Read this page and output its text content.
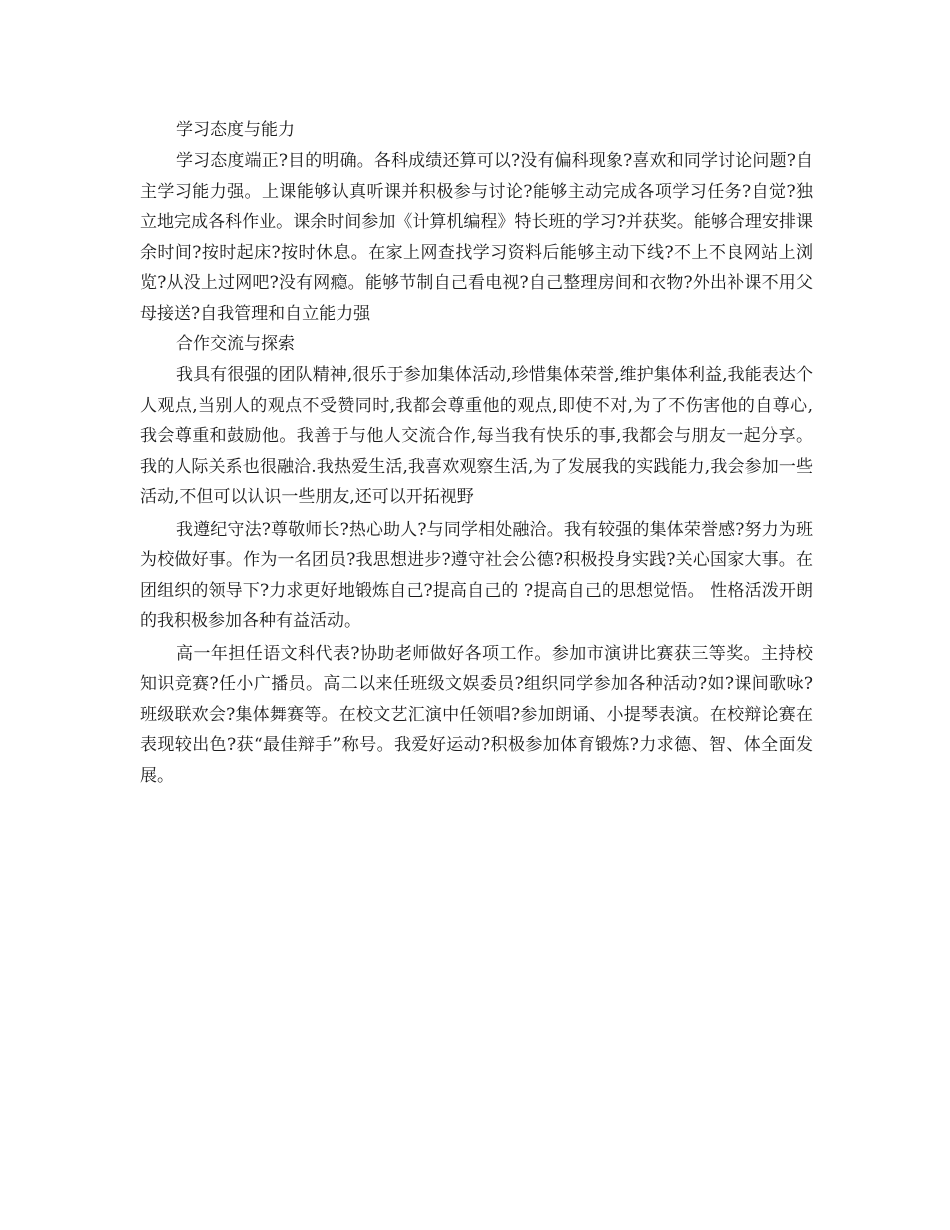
学习态度与能力

学习态度端正?目的明确。各科成绩还算可以?没有偏科现象?喜欢和同学讨论问题?自主学习能力强。上课能够认真听课并积极参与讨论?能够主动完成各项学习任务?自觉?独立地完成各科作业。课余时间参加《计算机编程》特长班的学习?并获奖。能够合理安排课余时间?按时起床?按时休息。在家上网查找学习资料后能够主动下线?不上不良网站上浏览?从没上过网吧?没有网瘾。能够节制自己看电视?自己整理房间和衣物?外出补课不用父母接送?自我管理和自立能力强

合作交流与探索

我具有很强的团队精神,很乐于参加集体活动,珍惜集体荣誉,维护集体利益,我能表达个人观点,当别人的观点不受赞同时,我都会尊重他的观点,即使不对,为了不伤害他的自尊心,我会尊重和鼓励他。我善于与他人交流合作,每当我有快乐的事,我都会与朋友一起分享。我的人际关系也很融洽.我热爱生活,我喜欢观察生活,为了发展我的实践能力,我会参加一些活动,不但可以认识一些朋友,还可以开拓视野

我遵纪守法?尊敬师长?热心助人?与同学相处融洽。我有较强的集体荣誉感?努力为班为校做好事。作为一名团员?我思想进步?遵守社会公德?积极投身实践?关心国家大事。在团组织的领导下?力求更好地锻炼自己?提高自己的 ?提高自己的思想觉悟。 性格活泼开朗的我积极参加各种有益活动。

高一年担任语文科代表?协助老师做好各项工作。参加市演讲比赛获三等奖。主持校知识竞赛?任小广播员。高二以来任班级文娱委员?组织同学参加各种活动?如?课间歌咏?班级联欢会?集体舞赛等。在校文艺汇演中任领唱?参加朗诵、小提琴表演。在校辩论赛在表现较出色?获“最佳辩手”称号。我爱好运动?积极参加体育锻炼?力求德、智、体全面发展。
